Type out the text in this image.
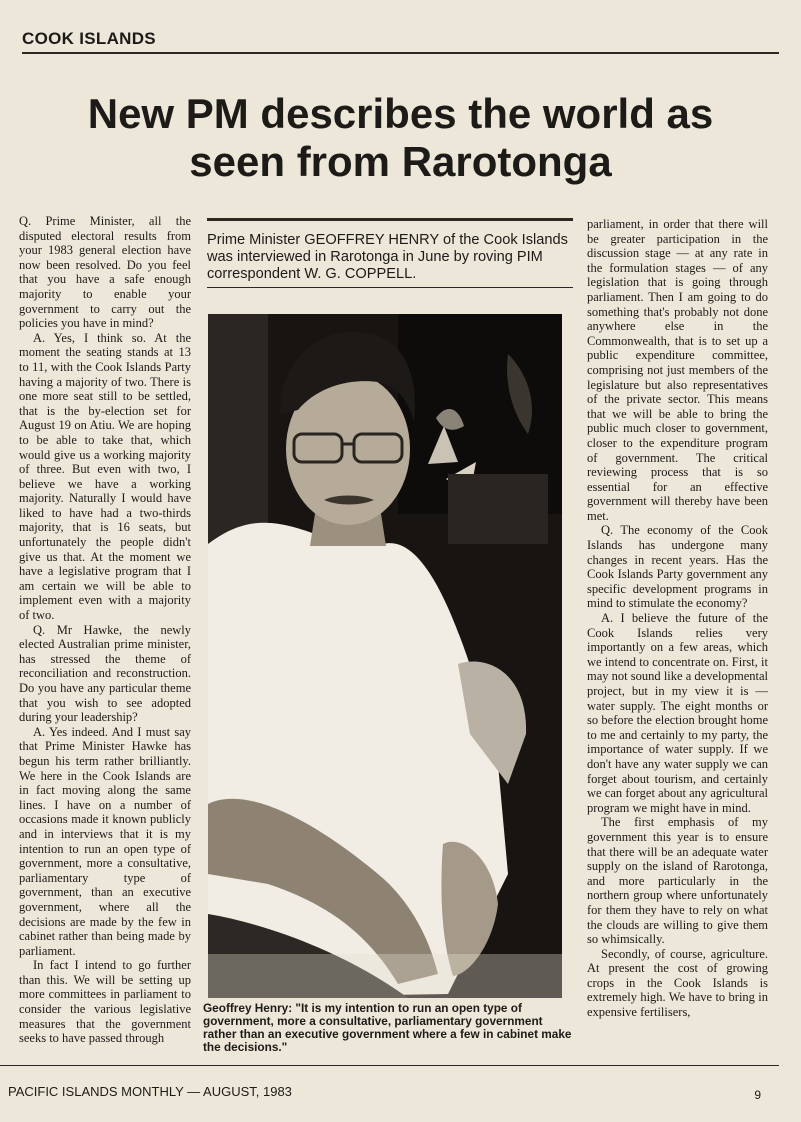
COOK ISLANDS
New PM describes the world as
seen from Rarotonga

Q. Prime Minister, all the disputed electoral results from your 1983 general election have now been resolved. Do you feel that you have a safe enough majority to enable your government to carry out the policies you have in mind?

A. Yes, I think so. At the moment the seating stands at 13 to 11, with the Cook Islands Party having a majority of two. There is one more seat still to be settled, that is the by-election set for August 19 on Atiu. We are hoping to be able to take that, which would give us a working majority of three. But even with two, I believe we have a working majority. Naturally I would have liked to have had a two-thirds majority, that is 16 seats, but unfortunately the people didn't give us that. At the moment we have a legislative program that I am certain we will be able to implement even with a majority of two.

Q. Mr Hawke, the newly elected Australian prime minister, has stressed the theme of reconciliation and reconstruction. Do you have any particular theme that you wish to see adopted during your leadership?

A. Yes indeed. And I must say that Prime Minister Hawke has begun his term rather brilliantly. We here in the Cook Islands are in fact moving along the same lines. I have on a number of occasions made it known publicly and in interviews that it is my intention to run an open type of government, more a consultative, parliamentary type of government, than an executive government, where all the decisions are made by the few in cabinet rather than being made by parliament.

In fact I intend to go further than this. We will be setting up more committees in parliament to consider the various legislative measures that the government seeks to have passed through

Prime Minister GEOFFREY HENRY of the Cook Islands was interviewed in Rarotonga in June by roving PIM correspondent W. G. COPPELL.
Geoffrey Henry: "It is my intention to run an open type of government, more a consultative, parliamentary government rather than an executive government where a few in cabinet make the decisions."

parliament, in order that there will be greater participation in the discussion stage — at any rate in the formulation stages — of any legislation that is going through parliament. Then I am going to do something that's probably not done anywhere else in the Commonwealth, that is to set up a public expenditure committee, comprising not just members of the legislature but also representatives of the private sector. This means that we will be able to bring the public much closer to government, closer to the expenditure program of government. The critical reviewing process that is so essential for an effective government will thereby have been met.

Q. The economy of the Cook Islands has undergone many changes in recent years. Has the Cook Islands Party government any specific development programs in mind to stimulate the economy?

A. I believe the future of the Cook Islands relies very importantly on a few areas, which we intend to concentrate on. First, it may not sound like a developmental project, but in my view it is — water supply. The eight months or so before the election brought home to me and certainly to my party, the importance of water supply. If we don't have any water supply we can forget about tourism, and certainly we can forget about any agricultural program we might have in mind.

The first emphasis of my government this year is to ensure that there will be an adequate water supply on the island of Rarotonga, and more particularly in the northern group where unfortunately for them they have to rely on what the clouds are willing to give them so whimsically.

Secondly, of course, agriculture. At present the cost of growing crops in the Cook Islands is extremely high. We have to bring in expensive fertilisers,

PACIFIC ISLANDS MONTHLY — AUGUST, 1983	9
